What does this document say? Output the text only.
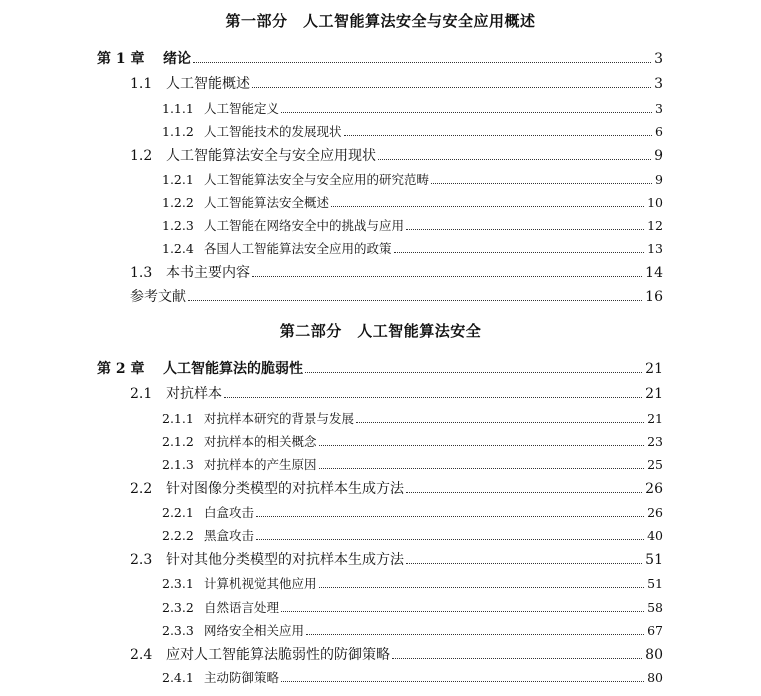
第一部分　人工智能算法安全与安全应用概述
第 1 章	绪论	3
1.1 人工智能概述	3
1.1.1 人工智能定义	3
1.1.2 人工智能技术的发展现状	6
1.2 人工智能算法安全与安全应用现状	9
1.2.1 人工智能算法安全与安全应用的研究范畴	9
1.2.2 人工智能算法安全概述	10
1.2.3 人工智能在网络安全中的挑战与应用	12
1.2.4 各国人工智能算法安全应用的政策	13
1.3 本书主要内容	14
参考文献	16
第二部分　人工智能算法安全
第 2 章	人工智能算法的脆弱性	21
2.1 对抗样本	21
2.1.1 对抗样本研究的背景与发展	21
2.1.2 对抗样本的相关概念	23
2.1.3 对抗样本的产生原因	25
2.2 针对图像分类模型的对抗样本生成方法	26
2.2.1 白盒攻击	26
2.2.2 黑盒攻击	40
2.3 针对其他分类模型的对抗样本生成方法	51
2.3.1 计算机视觉其他应用	51
2.3.2 自然语言处理	58
2.3.3 网络安全相关应用	67
2.4 应对人工智能算法脆弱性的防御策略	80
2.4.1 主动防御策略	80
